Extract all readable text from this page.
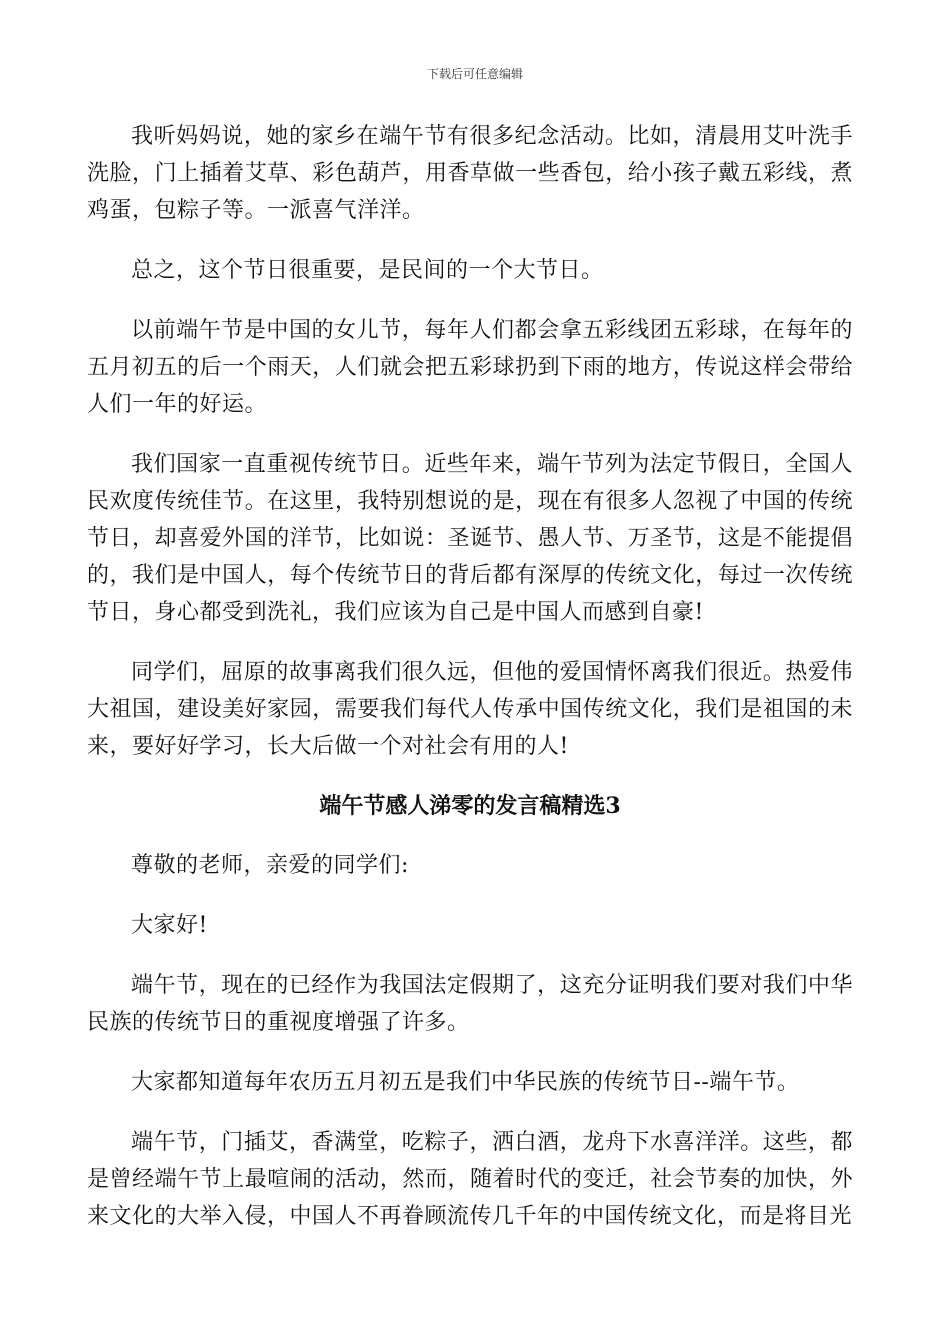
下载后可任意编辑

我听妈妈说，她的家乡在端午节有很多纪念活动。比如，清晨用艾叶洗手洗脸，门上插着艾草、彩色葫芦，用香草做一些香包，给小孩子戴五彩线，煮鸡蛋，包粽子等。一派喜气洋洋。

总之，这个节日很重要，是民间的一个大节日。

以前端午节是中国的女儿节，每年人们都会拿五彩线团五彩球，在每年的五月初五的后一个雨天，人们就会把五彩球扔到下雨的地方，传说这样会带给人们一年的好运。

我们国家一直重视传统节日。近些年来，端午节列为法定节假日，全国人民欢度传统佳节。在这里，我特别想说的是，现在有很多人忽视了中国的传统节日，却喜爱外国的洋节，比如说：圣诞节、愚人节、万圣节，这是不能提倡的，我们是中国人，每个传统节日的背后都有深厚的传统文化，每过一次传统节日，身心都受到洗礼，我们应该为自己是中国人而感到自豪!

同学们，屈原的故事离我们很久远，但他的爱国情怀离我们很近。热爱伟大祖国，建设美好家园，需要我们每代人传承中国传统文化，我们是祖国的未来，要好好学习，长大后做一个对社会有用的人!

端午节感人涕零的发言稿精选3

尊敬的老师，亲爱的同学们:

大家好!

端午节，现在的已经作为我国法定假期了，这充分证明我们要对我们中华民族的传统节日的重视度增强了许多。

大家都知道每年农历五月初五是我们中华民族的传统节日--端午节。

端午节，门插艾，香满堂，吃粽子，洒白酒，龙舟下水喜洋洋。这些，都是曾经端午节上最喧闹的活动，然而，随着时代的变迁，社会节奏的加快，外来文化的大举入侵，中国人不再眷顾流传几千年的中国传统文化，而是将目光
